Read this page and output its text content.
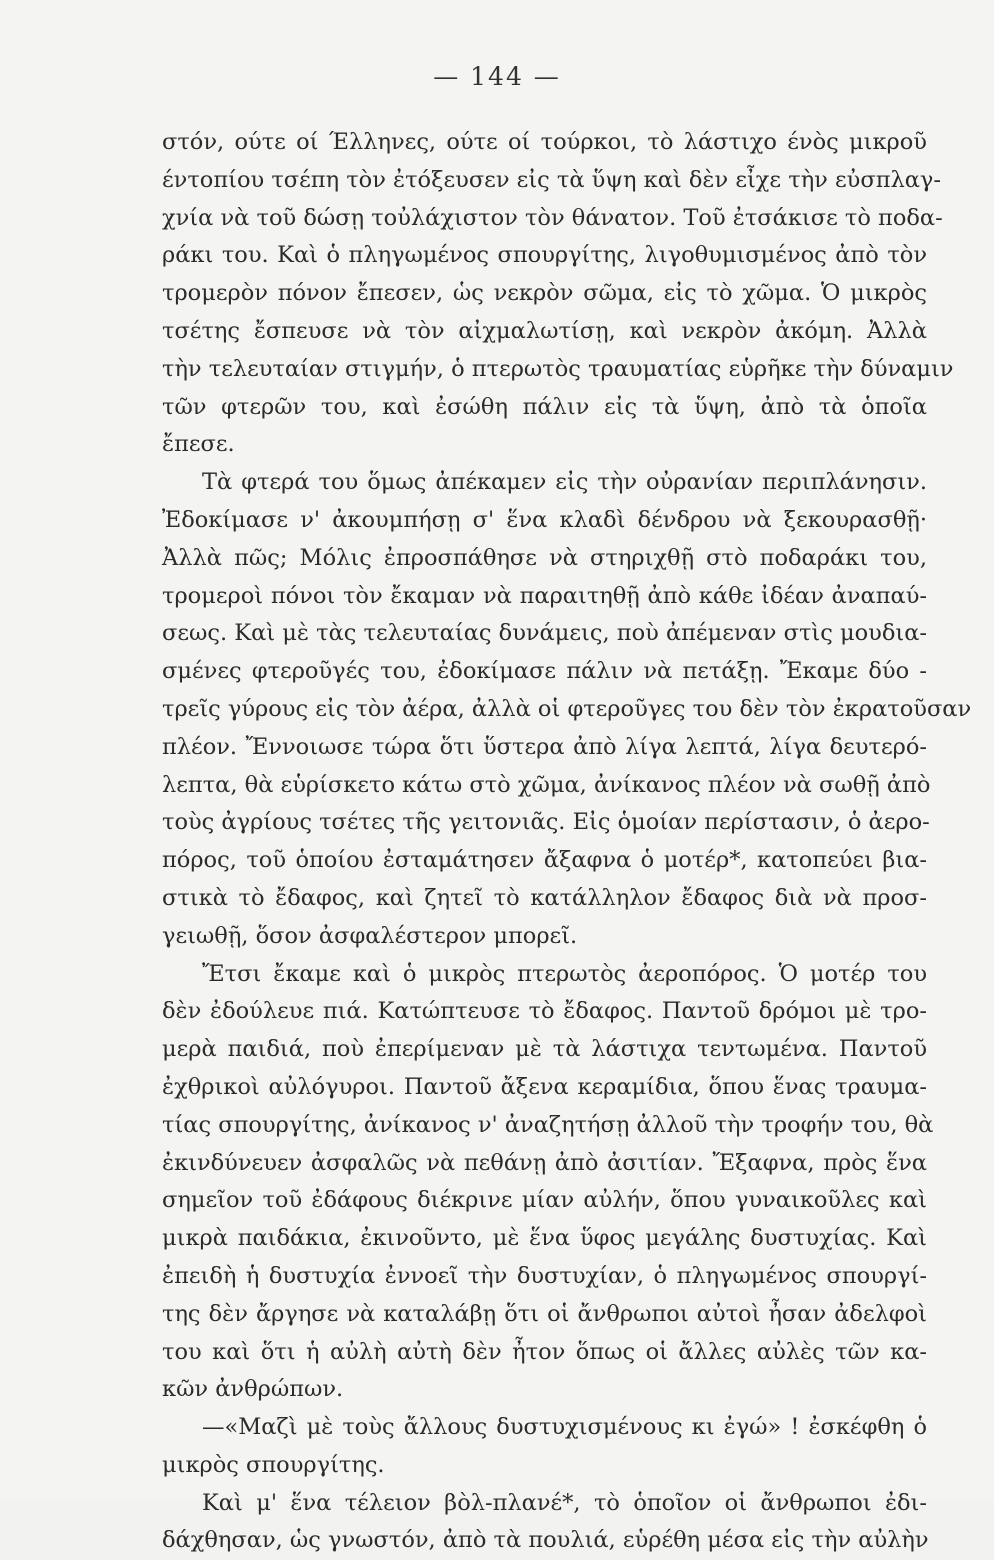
— 144 —
στόν, ούτε οί Έλληνες, ούτε οί τούρκοι, τὸ λάστιχο ένὸς μικροῦ
έντοπίου τσέπη τὸν ἐτόξευσεν εἰς τὰ ὕψη καὶ δὲν εἶχε τὴν εὐσπλαγ-
χνία νὰ τοῦ δώσῃ τοὐλάχιστον τὸν θάνατον. Τοῦ ἐτσάκισε τὸ ποδα-
ράκι του. Καὶ ὁ πληγωμένος σπουργίτης, λιγοθυμισμένος ἀπὸ τὸν
τρομερὸν πόνον ἔπεσεν, ὡς νεκρὸν σῶμα, εἰς τὸ χῶμα. Ὁ μικρὸς
τσέτης ἔσπευσε νὰ τὸν αἰχμαλωτίσῃ, καὶ νεκρὸν ἀκόμη. Ἀλλὰ
τὴν τελευταίαν στιγμήν, ὁ πτερωτὸς τραυματίας εὑρῆκε τὴν δύναμιν
τῶν φτερῶν του, καὶ ἐσώθη πάλιν εἰς τὰ ὕψη, ἀπὸ τὰ ὁποῖα
ἔπεσε.
Τὰ φτερά του ὅμως ἀπέκαμεν εἰς τὴν οὐρανίαν περιπλάνησιν.
Ἐδοκίμασε ν' ἀκουμπήσῃ σ' ἕνα κλαδὶ δένδρου νὰ ξεκουρασθῇ·
Ἀλλὰ πῶς; Μόλις ἐπροσπάθησε νὰ στηριχθῇ στὸ ποδαράκι του,
τρομεροὶ πόνοι τὸν ἔκαμαν νὰ παραιτηθῇ ἀπὸ κάθε ἰδέαν ἀναπαύ-
σεως. Καὶ μὲ τὰς τελευταίας δυνάμεις, ποὺ ἀπέμεναν στὶς μουδια-
σμένες φτεροῦγές του, ἐδοκίμασε πάλιν νὰ πετάξῃ. Ἔκαμε δύο -
τρεῖς γύρους εἰς τὸν ἀέρα, ἀλλὰ οἱ φτεροῦγες του δὲν τὸν ἐκρατοῦσαν
πλέον. Ἔννοιωσε τώρα ὅτι ὕστερα ἀπὸ λίγα λεπτά, λίγα δευτερό-
λεπτα, θὰ εὑρίσκετο κάτω στὸ χῶμα, ἀνίκανος πλέον νὰ σωθῇ ἀπὸ
τοὺς ἀγρίους τσέτες τῆς γειτονιᾶς. Εἰς ὁμοίαν περίστασιν, ὁ ἀερο-
πόρος, τοῦ ὁποίου ἐσταμάτησεν ἄξαφνα ὁ μοτέρ*, κατοπεύει βια-
στικὰ τὸ ἔδαφος, καὶ ζητεῖ τὸ κατάλληλον ἔδαφος διὰ νὰ προσ-
γειωθῇ, ὅσον ἀσφαλέστερον μπορεῖ.
Ἔτσι ἔκαμε καὶ ὁ μικρὸς πτερωτὸς ἀεροπόρος. Ὁ μοτέρ του
δὲν ἐδούλευε πιά. Κατώπτευσε τὸ ἔδαφος. Παντοῦ δρόμοι μὲ τρο-
μερὰ παιδιά, ποὺ ἐπερίμεναν μὲ τὰ λάστιχα τεντωμένα. Παντοῦ
ἐχθρικοὶ αὐλόγυροι. Παντοῦ ἄξενα κεραμίδια, ὅπου ἕνας τραυμα-
τίας σπουργίτης, ἀνίκανος ν' ἀναζητήσῃ ἀλλοῦ τὴν τροφήν του, θὰ
ἐκινδύνευεν ἀσφαλῶς νὰ πεθάνῃ ἀπὸ ἀσιτίαν. Ἔξαφνα, πρὸς ἕνα
σημεῖον τοῦ ἐδάφους διέκρινε μίαν αὐλήν, ὅπου γυναικοῦλες καὶ
μικρὰ παιδάκια, ἐκινοῦντο, μὲ ἕνα ὕφος μεγάλης δυστυχίας. Καὶ
ἐπειδὴ ἡ δυστυχία ἐννοεῖ τὴν δυστυχίαν, ὁ πληγωμένος σπουργί-
της δὲν ἄργησε νὰ καταλάβῃ ὅτι οἱ ἄνθρωποι αὐτοὶ ἦσαν ἀδελφοὶ
του καὶ ὅτι ἡ αὐλὴ αὐτὴ δὲν ἦτον ὅπως οἱ ἄλλες αὐλὲς τῶν κα-
κῶν ἀνθρώπων.
—«Μαζὶ μὲ τοὺς ἄλλους δυστυχισμένους κι ἐγώ» ! ἐσκέφθη ὁ
μικρὸς σπουργίτης.
Καὶ μ' ἕνα τέλειον βὸλ-πλανέ*, τὸ ὁποῖον οἱ ἄνθρωποι ἐδι-
δάχθησαν, ὡς γνωστόν, ἀπὸ τὰ πουλιά, εὑρέθη μέσα εἰς τὴν αὐλὴν
